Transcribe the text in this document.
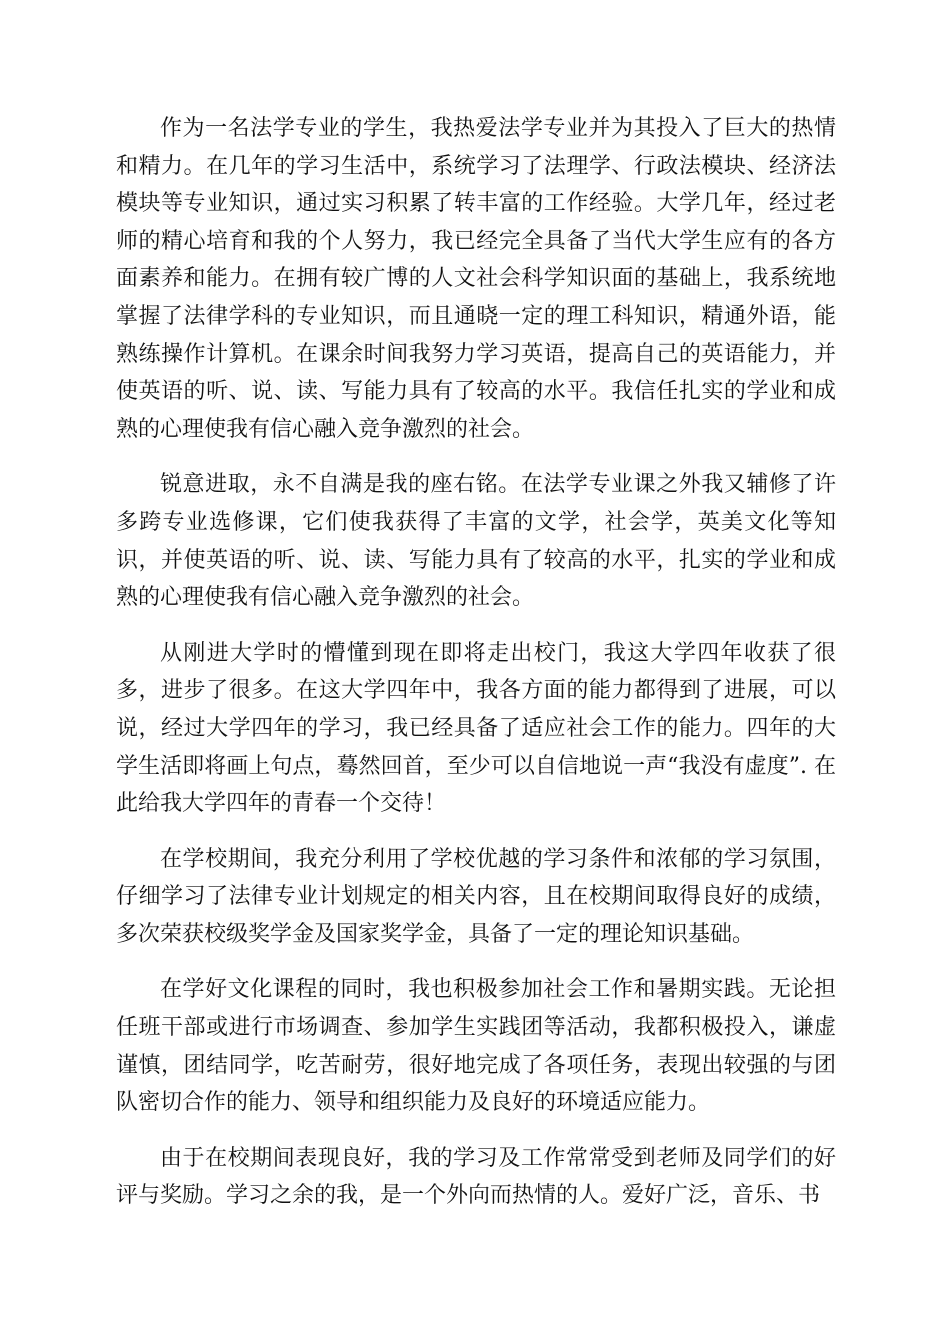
作为一名法学专业的学生，我热爱法学专业并为其投入了巨大的热情和精力。在几年的学习生活中，系统学习了法理学、行政法模块、经济法模块等专业知识，通过实习积累了转丰富的工作经验。大学几年，经过老师的精心培育和我的个人努力，我已经完全具备了当代大学生应有的各方面素养和能力。在拥有较广博的人文社会科学知识面的基础上，我系统地掌握了法律学科的专业知识，而且通晓一定的理工科知识，精通外语，能熟练操作计算机。在课余时间我努力学习英语，提高自己的英语能力，并使英语的听、说、读、写能力具有了较高的水平。我信任扎实的学业和成熟的心理使我有信心融入竞争激烈的社会。

锐意进取，永不自满是我的座右铭。在法学专业课之外我又辅修了许多跨专业选修课，它们使我获得了丰富的文学，社会学，英美文化等知识，并使英语的听、说、读、写能力具有了较高的水平，扎实的学业和成熟的心理使我有信心融入竞争激烈的社会。

从刚进大学时的懵懂到现在即将走出校门，我这大学四年收获了很多，进步了很多。在这大学四年中，我各方面的能力都得到了进展，可以说，经过大学四年的学习，我已经具备了适应社会工作的能力。四年的大学生活即将画上句点，蓦然回首，至少可以自信地说一声“我没有虚度”. 在此给我大学四年的青春一个交待！

在学校期间，我充分利用了学校优越的学习条件和浓郁的学习氛围，仔细学习了法律专业计划规定的相关内容，且在校期间取得良好的成绩，多次荣获校级奖学金及国家奖学金，具备了一定的理论知识基础。

在学好文化课程的同时，我也积极参加社会工作和暑期实践。无论担任班干部或进行市场调查、参加学生实践团等活动，我都积极投入，谦虚谨慎，团结同学，吃苦耐劳，很好地完成了各项任务，表现出较强的与团队密切合作的能力、领导和组织能力及良好的环境适应能力。

由于在校期间表现良好，我的学习及工作常常受到老师及同学们的好评与奖励。学习之余的我，是一个外向而热情的人。爱好广泛，音乐、书
